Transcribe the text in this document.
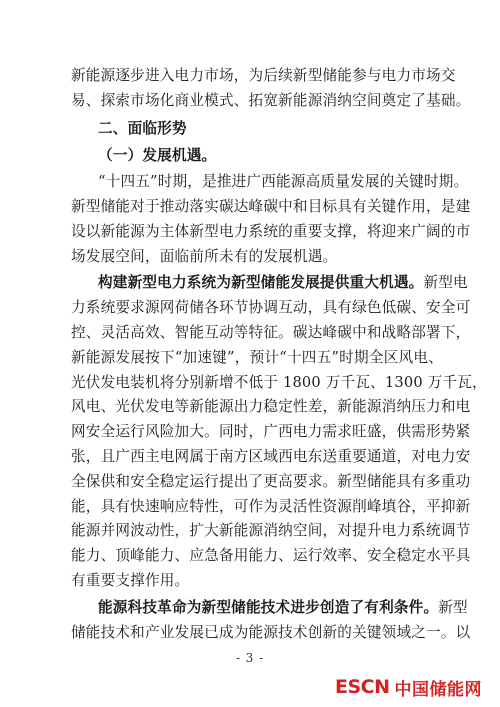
新能源逐步进入电力市场，为后续新型储能参与电力市场交
易、探索市场化商业模式、拓宽新能源消纳空间奠定了基础。
二、面临形势
（一）发展机遇。
“十四五”时期，是推进广西能源高质量发展的关键时期。
新型储能对于推动落实碳达峰碳中和目标具有关键作用，是建
设以新能源为主体新型电力系统的重要支撑，将迎来广阔的市
场发展空间，面临前所未有的发展机遇。
构建新型电力系统为新型储能发展提供重大机遇。新型电
力系统要求源网荷储各环节协调互动，具有绿色低碳、安全可
控、灵活高效、智能互动等特征。碳达峰碳中和战略部署下，
新能源发展按下“加速键”，预计“十四五”时期全区风电、
光伏发电装机将分别新增不低于 1800 万千瓦、1300 万千瓦，
风电、光伏发电等新能源出力稳定性差，新能源消纳压力和电
网安全运行风险加大。同时，广西电力需求旺盛，供需形势紧
张，且广西主电网属于南方区域西电东送重要通道，对电力安
全保供和安全稳定运行提出了更高要求。新型储能具有多重功
能，具有快速响应特性，可作为灵活性资源削峰填谷，平抑新
能源并网波动性，扩大新能源消纳空间，对提升电力系统调节
能力、顶峰能力、应急备用能力、运行效率、安全稳定水平具
有重要支撑作用。
能源科技革命为新型储能技术进步创造了有利条件。新型
储能技术和产业发展已成为能源技术创新的关键领域之一。以
- 3 -
ESCN 中国储能网
